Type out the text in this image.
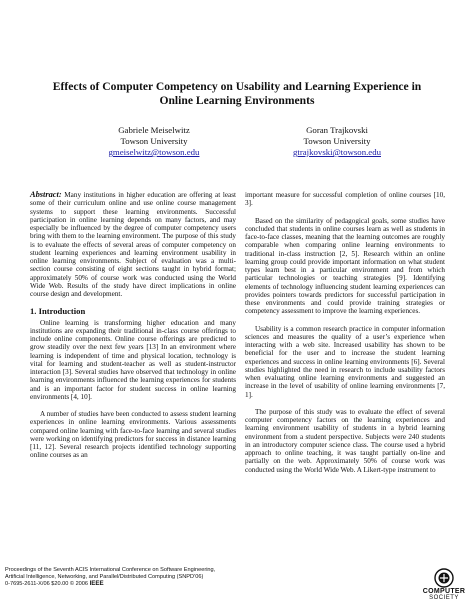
Effects of Computer Competency on Usability and Learning Experience in
Online Learning Environments
Gabriele Meiselwitz
Towson University
gmeiselwitz@towson.edu
Goran Trajkovski
Towson University
gtrajkovski@towson.edu

Abstract: Many institutions in higher education are offering at least some of their curriculum online and use online course management systems to support these learning environments. Successful participation in online learning depends on many factors, and may especially be influenced by the degree of computer competency users bring with them to the learning environment. The purpose of this study is to evaluate the effects of several areas of computer competency on student learning experiences and learning environment usability in online learning environments. Subject of evaluation was a multi-section course consisting of eight sections taught in hybrid format; approximately 50% of course work was conducted using the World Wide Web. Results of the study have direct implications in online course design and development.

1. Introduction

Online learning is transforming higher education and many institutions are expanding their traditional in-class course offerings to include online components. Online course offerings are predicted to grow steadily over the next few years [13] In an environment where learning is independent of time and physical location, technology is vital for learning and student-teacher as well as student-instructor interaction [3]. Several studies have observed that technology in online learning environments influenced the learning experiences for students and is an important factor for student success in online learning environments [4, 10].

A number of studies have been conducted to assess student learning experiences in online learning environments. Various assessments compared online learning with face-to-face learning and several studies were working on identifying predictors for success in distance learning [11, 12]. Several research projects identified technology supporting online courses as an

important measure for successful completion of online courses [10, 3].

Based on the similarity of pedagogical goals, some studies have concluded that students in online courses learn as well as students in face-to-face classes, meaning that the learning outcomes are roughly comparable when comparing online learning environments to traditional in-class instruction [2, 5]. Research within an online learning group could provide important information on what student types learn best in a particular environment and from which particular technologies or teaching strategies [9]. Identifying elements of technology influencing student learning experiences can provides pointers towards predictors for successful participation in these environments and could provide training strategies or competency assessment to improve the learning experiences.

Usability is a common research practice in computer information sciences and measures the quality of a user’s experience when interacting with a web site. Increased usability has shown to be beneficial for the user and to increase the student learning experiences and success in online learning environments [6]. Several studies highlighted the need in research to include usability factors when evaluating online learning environments and suggested an increase in the level of usability of online learning environments [7, 1].

The purpose of this study was to evaluate the effect of several computer competency factors on the learning experiences and learning environment usability of students in a hybrid learning environment from a student perspective. Subjects were 240 students in an introductory computer science class. The course used a hybrid approach to online teaching, it was taught partially on-line and partially on the web. Approximately 50% of course work was conducted using the World Wide Web. A Likert-type instrument to

Proceedings of the Seventh ACIS International Conference on Software Engineering,
Artificial Intelligence, Networking, and Parallel/Distributed Computing (SNPD’06)
0-7695-2611-X/06 $20.00 © 2006 IEEE
COMPUTER
SOCIETY
